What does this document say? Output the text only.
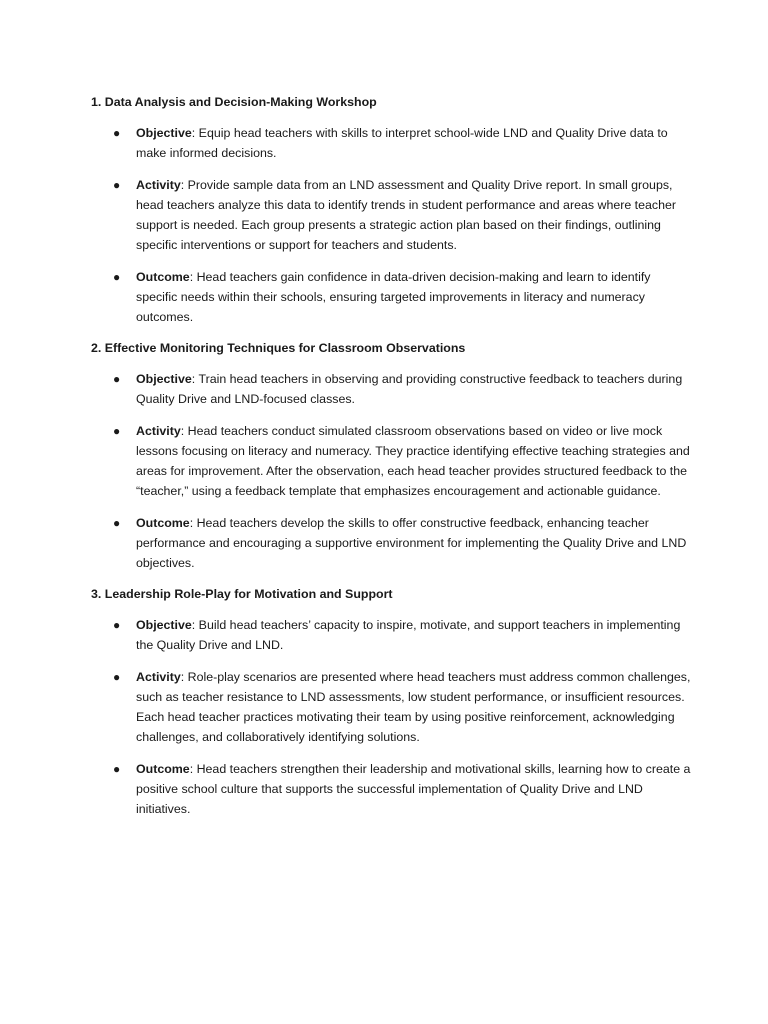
1. Data Analysis and Decision-Making Workshop
● Objective: Equip head teachers with skills to interpret school-wide LND and Quality Drive data to make informed decisions.
● Activity: Provide sample data from an LND assessment and Quality Drive report. In small groups, head teachers analyze this data to identify trends in student performance and areas where teacher support is needed. Each group presents a strategic action plan based on their findings, outlining specific interventions or support for teachers and students.
● Outcome: Head teachers gain confidence in data-driven decision-making and learn to identify specific needs within their schools, ensuring targeted improvements in literacy and numeracy outcomes.
2. Effective Monitoring Techniques for Classroom Observations
● Objective: Train head teachers in observing and providing constructive feedback to teachers during Quality Drive and LND-focused classes.
● Activity: Head teachers conduct simulated classroom observations based on video or live mock lessons focusing on literacy and numeracy. They practice identifying effective teaching strategies and areas for improvement. After the observation, each head teacher provides structured feedback to the “teacher,” using a feedback template that emphasizes encouragement and actionable guidance.
● Outcome: Head teachers develop the skills to offer constructive feedback, enhancing teacher performance and encouraging a supportive environment for implementing the Quality Drive and LND objectives.
3. Leadership Role-Play for Motivation and Support
● Objective: Build head teachers’ capacity to inspire, motivate, and support teachers in implementing the Quality Drive and LND.
● Activity: Role-play scenarios are presented where head teachers must address common challenges, such as teacher resistance to LND assessments, low student performance, or insufficient resources. Each head teacher practices motivating their team by using positive reinforcement, acknowledging challenges, and collaboratively identifying solutions.
● Outcome: Head teachers strengthen their leadership and motivational skills, learning how to create a positive school culture that supports the successful implementation of Quality Drive and LND initiatives.
